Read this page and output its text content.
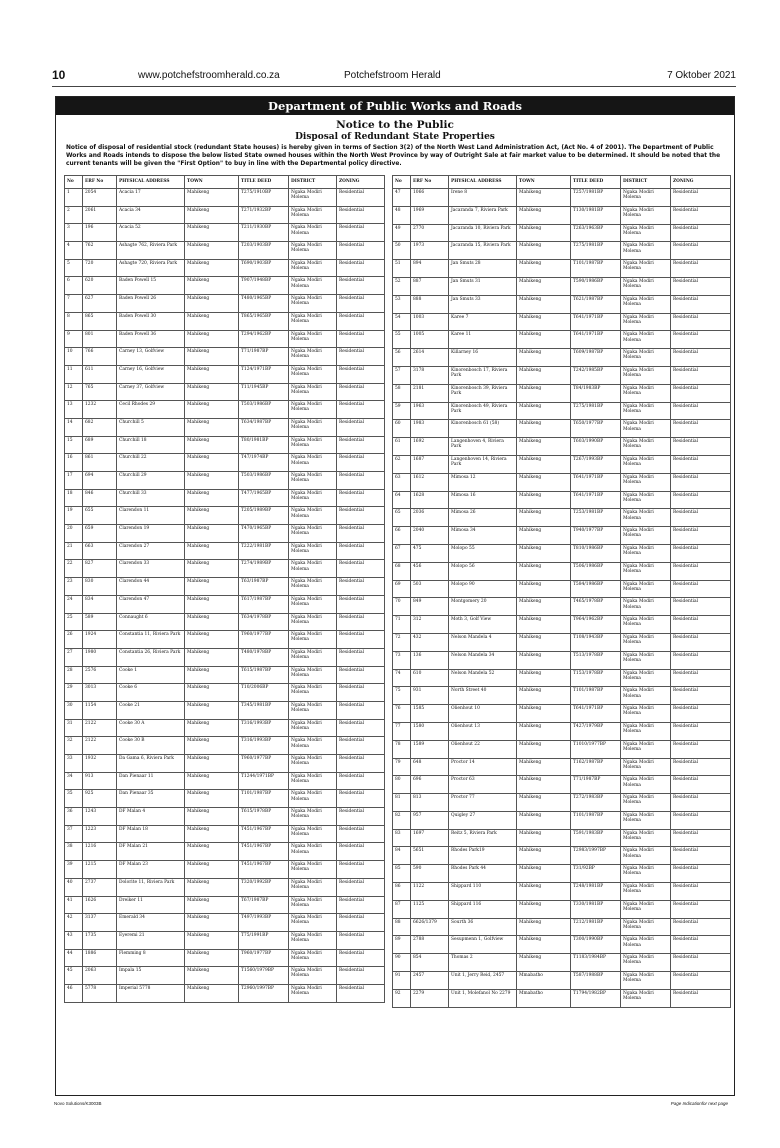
10	www.potchefstroomherald.co.za	Potchefstroom Herald	7 Oktober 2021
Department of Public Works and Roads
Notice to the Public
Disposal of Redundant State Properties
Notice of disposal of residential stock (redundant State houses) is hereby given in terms of Section 3(2) of the North West Land Administration Act, (Act No. 4 of 2001). The Department of Public Works and Roads intends to dispose the below listed State owned houses within the North West Province by way of Outright Sale at fair market value to be determined. It should be noted that the current tenants will be given the "First Option" to buy in line with the Departmental policy directive.
No	ERF No	PHYSICAL ADDRESS	TOWN	TITLE DEED	DISTRICT	ZONING
1	2054	Acacia 17	Mahikeng	T275/1910BP	Ngaka Modiri Molema	Residential
2	2061	Acacia 34	Mahikeng	T271/1932BP	Ngaka Modiri Molema	Residential
3	196	Acacia 52	Mahikeng	T211/1930BP	Ngaka Modiri Molema	Residential
4	762	Ashagte 762, Riviera Park	Mahikeng	T203/1903BP	Ngaka Modiri Molema	Residential
5	720	Ashagte 720, Riviera Park	Mahikeng	T690/1903BP	Ngaka Modiri Molema	Residential
6	620	Baden Powell 15	Mahikeng	T907/1948BP	Ngaka Modiri Molema	Residential
7	627	Baden Powell 26	Mahikeng	T480/1965BP	Ngaka Modiri Molema	Residential
8	865	Baden Powell 30	Mahikeng	T865/1965BP	Ngaka Modiri Molema	Residential
9	801	Baden Powell 36	Mahikeng	T294/1962BP	Ngaka Modiri Molema	Residential
10	766	Carney 13, Golfview	Mahikeng	T71/1987BP	Ngaka Modiri Molema	Residential
11	611	Carney 16, Golfview	Mahikeng	T124/1971BP	Ngaka Modiri Molema	Residential
12	765	Carney 37, Golfview	Mahikeng	T11/1945BP	Ngaka Modiri Molema	Residential
13	1232	Cecil Rhodes 29	Mahikeng	T503/1986BP	Ngaka Modiri Molema	Residential
14	682	Churchill 5	Mahikeng	T634/1987BP	Ngaka Modiri Molema	Residential
15	689	Churchill 18	Mahikeng	T80/1981BP	Ngaka Modiri Molema	Residential
16	861	Churchill 22	Mahikeng	T47/1974BP	Ngaka Modiri Molema	Residential
17	694	Churchill 29	Mahikeng	T503/1986BP	Ngaka Modiri Molema	Residential
18	846	Churchill 33	Mahikeng	T477/1965BP	Ngaka Modiri Molema	Residential
19	655	Clarendon 11	Mahikeng	T205/1989BP	Ngaka Modiri Molema	Residential
20	659	Clarendon 19	Mahikeng	T470/1965BP	Ngaka Modiri Molema	Residential
21	663	Clarendon 27	Mahikeng	T222/1981BP	Ngaka Modiri Molema	Residential
22	827	Clarendon 33	Mahikeng	T274/1989BP	Ngaka Modiri Molema	Residential
23	830	Clarendon 44	Mahikeng	T63/1987BP	Ngaka Modiri Molema	Residential
24	834	Clarendon 47	Mahikeng	T617/1987BP	Ngaka Modiri Molema	Residential
25	589	Connaught 6	Mahikeng	T634/1978BP	Ngaka Modiri Molema	Residential
26	1924	Constantia 11, Riviera Park	Mahikeng	T960/1977BP	Ngaka Modiri Molema	Residential
27	1980	Constantia 26, Riviera Park	Mahikeng	T480/1978BP	Ngaka Modiri Molema	Residential
28	2576	Cooke 1	Mahikeng	T615/1987BP	Ngaka Modiri Molema	Residential
29	3013	Cooke 6	Mahikeng	T10/2006BP	Ngaka Modiri Molema	Residential
30	1154	Cooke 21	Mahikeng	T345/1981BP	Ngaka Modiri Molema	Residential
31	2122	Cooke 30 A	Mahikeng	T316/1993BP	Ngaka Modiri Molema	Residential
32	2122	Cooke 30 B	Mahikeng	T316/1993BP	Ngaka Modiri Molema	Residential
33	1932	Da Gama 6, Riviera Park	Mahikeng	T960/1977BP	Ngaka Modiri Molema	Residential
34	913	Dan Pienaar 11	Mahikeng	T1244/1971BP	Ngaka Modiri Molema	Residential
35	925	Dan Pienaar 35	Mahikeng	T101/1987BP	Ngaka Modiri Molema	Residential
36	1243	DF Malan 4	Mahikeng	T615/1978BP	Ngaka Modiri Molema	Residential
37	1223	DF Malan 18	Mahikeng	T451/1967BP	Ngaka Modiri Molema	Residential
38	1216	DF Malan 21	Mahikeng	T451/1967BP	Ngaka Modiri Molema	Residential
39	1215	DF Malan 23	Mahikeng	T451/1967BP	Ngaka Modiri Molema	Residential
40	2737	Dolorite 11, Riviera Park	Mahikeng	T320/1992BP	Ngaka Modiri Molema	Residential
41	1626	Dreiker 11	Mahikeng	T67/1987BP	Ngaka Modiri Molema	Residential
42	3137	Emerald 34	Mahikeng	T497/1993BP	Ngaka Modiri Molema	Residential
43	1735	Eyeremi 21	Mahikeng	T75/1991BP	Ngaka Modiri Molema	Residential
44	1886	Flemming 8	Mahikeng	T960/1977BP	Ngaka Modiri Molema	Residential
45	2063	Impala 15	Mahikeng	T1560/1979BP	Ngaka Modiri Molema	Residential
46	5778	Imperial 5778	Mahikeng	T2960/1997BP	Ngaka Modiri Molema	Residential
No	ERF No	PHYSICAL ADDRESS	TOWN	TITLE DEED	DISTRICT	ZONING
47	1066	Irene 8	Mahikeng	T257/1981BP	Ngaka Modiri Molema	Residential
48	1969	Jacaranda 7, Riviera Park	Mahikeng	T130/1981BP	Ngaka Modiri Molema	Residential
49	2770	Jacaranda 10, Riviera Park	Mahikeng	T263/1963BP	Ngaka Modiri Molema	Residential
50	1973	Jacaranda 15, Riviera Park	Mahikeng	T275/1981BP	Ngaka Modiri Molema	Residential
51	894	Jan Smuts 28	Mahikeng	T101/1987BP	Ngaka Modiri Molema	Residential
52	887	Jan Smuts 31	Mahikeng	T590/1986BP	Ngaka Modiri Molema	Residential
53	888	Jan Smuts 33	Mahikeng	T621/1987BP	Ngaka Modiri Molema	Residential
54	1003	Karee 7	Mahikeng	T641/1971BP	Ngaka Modiri Molema	Residential
55	1005	Karee 11	Mahikeng	T641/1971BP	Ngaka Modiri Molema	Residential
56	2614	Killarney 16	Mahikeng	T609/1987BP	Ngaka Modiri Molema	Residential
57	3178	Kinorenbosch 17, Riviera Park	Mahikeng	T242/1985BP	Ngaka Modiri Molema	Residential
58	2181	Kinorenbosch 39, Riviera Park	Mahikeng	T84/1983BP	Ngaka Modiri Molema	Residential
59	1963	Kinorenbosch 49, Riviera Park	Mahikeng	T275/1981BP	Ngaka Modiri Molema	Residential
60	1983	Kinorenbosch 61 (58)	Mahikeng	T650/1977BP	Ngaka Modiri Molema	Residential
61	1692	Langenhoven 4, Riviera Park	Mahikeng	T603/1990BP	Ngaka Modiri Molema	Residential
62	1687	Langenhoven 14, Riviera Park	Mahikeng	T267/1993BP	Ngaka Modiri Molema	Residential
63	1612	Mimosa 12	Mahikeng	T641/1971BP	Ngaka Modiri Molema	Residential
64	1628	Mimosa 16	Mahikeng	T641/1971BP	Ngaka Modiri Molema	Residential
65	2036	Mimosa 26	Mahikeng	T253/1981BP	Ngaka Modiri Molema	Residential
66	2040	Mimosa 34	Mahikeng	T940/1977BP	Ngaka Modiri Molema	Residential
67	475	Molopo 55	Mahikeng	T810/1986BP	Ngaka Modiri Molema	Residential
68	456	Molopo 56	Mahikeng	T506/1986BP	Ngaka Modiri Molema	Residential
69	503	Molopo 90	Mahikeng	T584/1986BP	Ngaka Modiri Molema	Residential
70	849	Montgomery 20	Mahikeng	T465/1978BP	Ngaka Modiri Molema	Residential
71	312	Moth 3, Golf View	Mahikeng	T964/1962BP	Ngaka Modiri Molema	Residential
72	432	Nelson Mandela 4	Mahikeng	T108/1943BP	Ngaka Modiri Molema	Residential
73	136	Nelson Mandela 34	Mahikeng	T513/1978BP	Ngaka Modiri Molema	Residential
74	610	Nelson Mandela 52	Mahikeng	T153/1978BP	Ngaka Modiri Molema	Residential
75	931	North Street 40	Mahikeng	T101/1987BP	Ngaka Modiri Molema	Residential
76	1585	Olienhout 10	Mahikeng	T641/1971BP	Ngaka Modiri Molema	Residential
77	1580	Olienhout 13	Mahikeng	T427/1979BP	Ngaka Modiri Molema	Residential
78	1589	Olienhout 22	Mahikeng	T1010/1977BP	Ngaka Modiri Molema	Residential
79	648	Proctor 14	Mahikeng	T162/1987BP	Ngaka Modiri Molema	Residential
80	696	Proctor 63	Mahikeng	T71/1987BP	Ngaka Modiri Molema	Residential
81	813	Proctor 77	Mahikeng	T272/1983BP	Ngaka Modiri Molema	Residential
82	957	Quigley 27	Mahikeng	T101/1987BP	Ngaka Modiri Molema	Residential
83	1697	Reitz 5, Riviera Park	Mahikeng	T591/1983BP	Ngaka Modiri Molema	Residential
84	5651	Rhodes Park19	Mahikeng	T2983/1997BP	Ngaka Modiri Molema	Residential
85	590	Rhodes Park 44	Mahikeng	T31/92BP	Ngaka Modiri Molema	Residential
86	1122	Shippard 110	Mahikeng	T248/1981BP	Ngaka Modiri Molema	Residential
87	1125	Shippard 116	Mahikeng	T330/1981BP	Ngaka Modiri Molema	Residential
88	6626/1379	Sourth 36	Mahikeng	T212/1981BP	Ngaka Modiri Molema	Residential
89	2788	Sesupmenn 1, Golfview	Mahikeng	T300/1990BP	Ngaka Modiri Molema	Residential
90	854	Thomas 2	Mahikeng	T1183/1984BP	Ngaka Modiri Molema	Residential
91	2457	Unit 1, Jerry Reid, 2457	Mmabatho	T587/1988BP	Ngaka Modiri Molema	Residential
92	2279	Unit 1, Molefanol No 2279	Mmabatho	T1794/1982BP	Ngaka Modiri Molema	Residential
Novo Solutions/K3003B	Page Indicationfor next page
